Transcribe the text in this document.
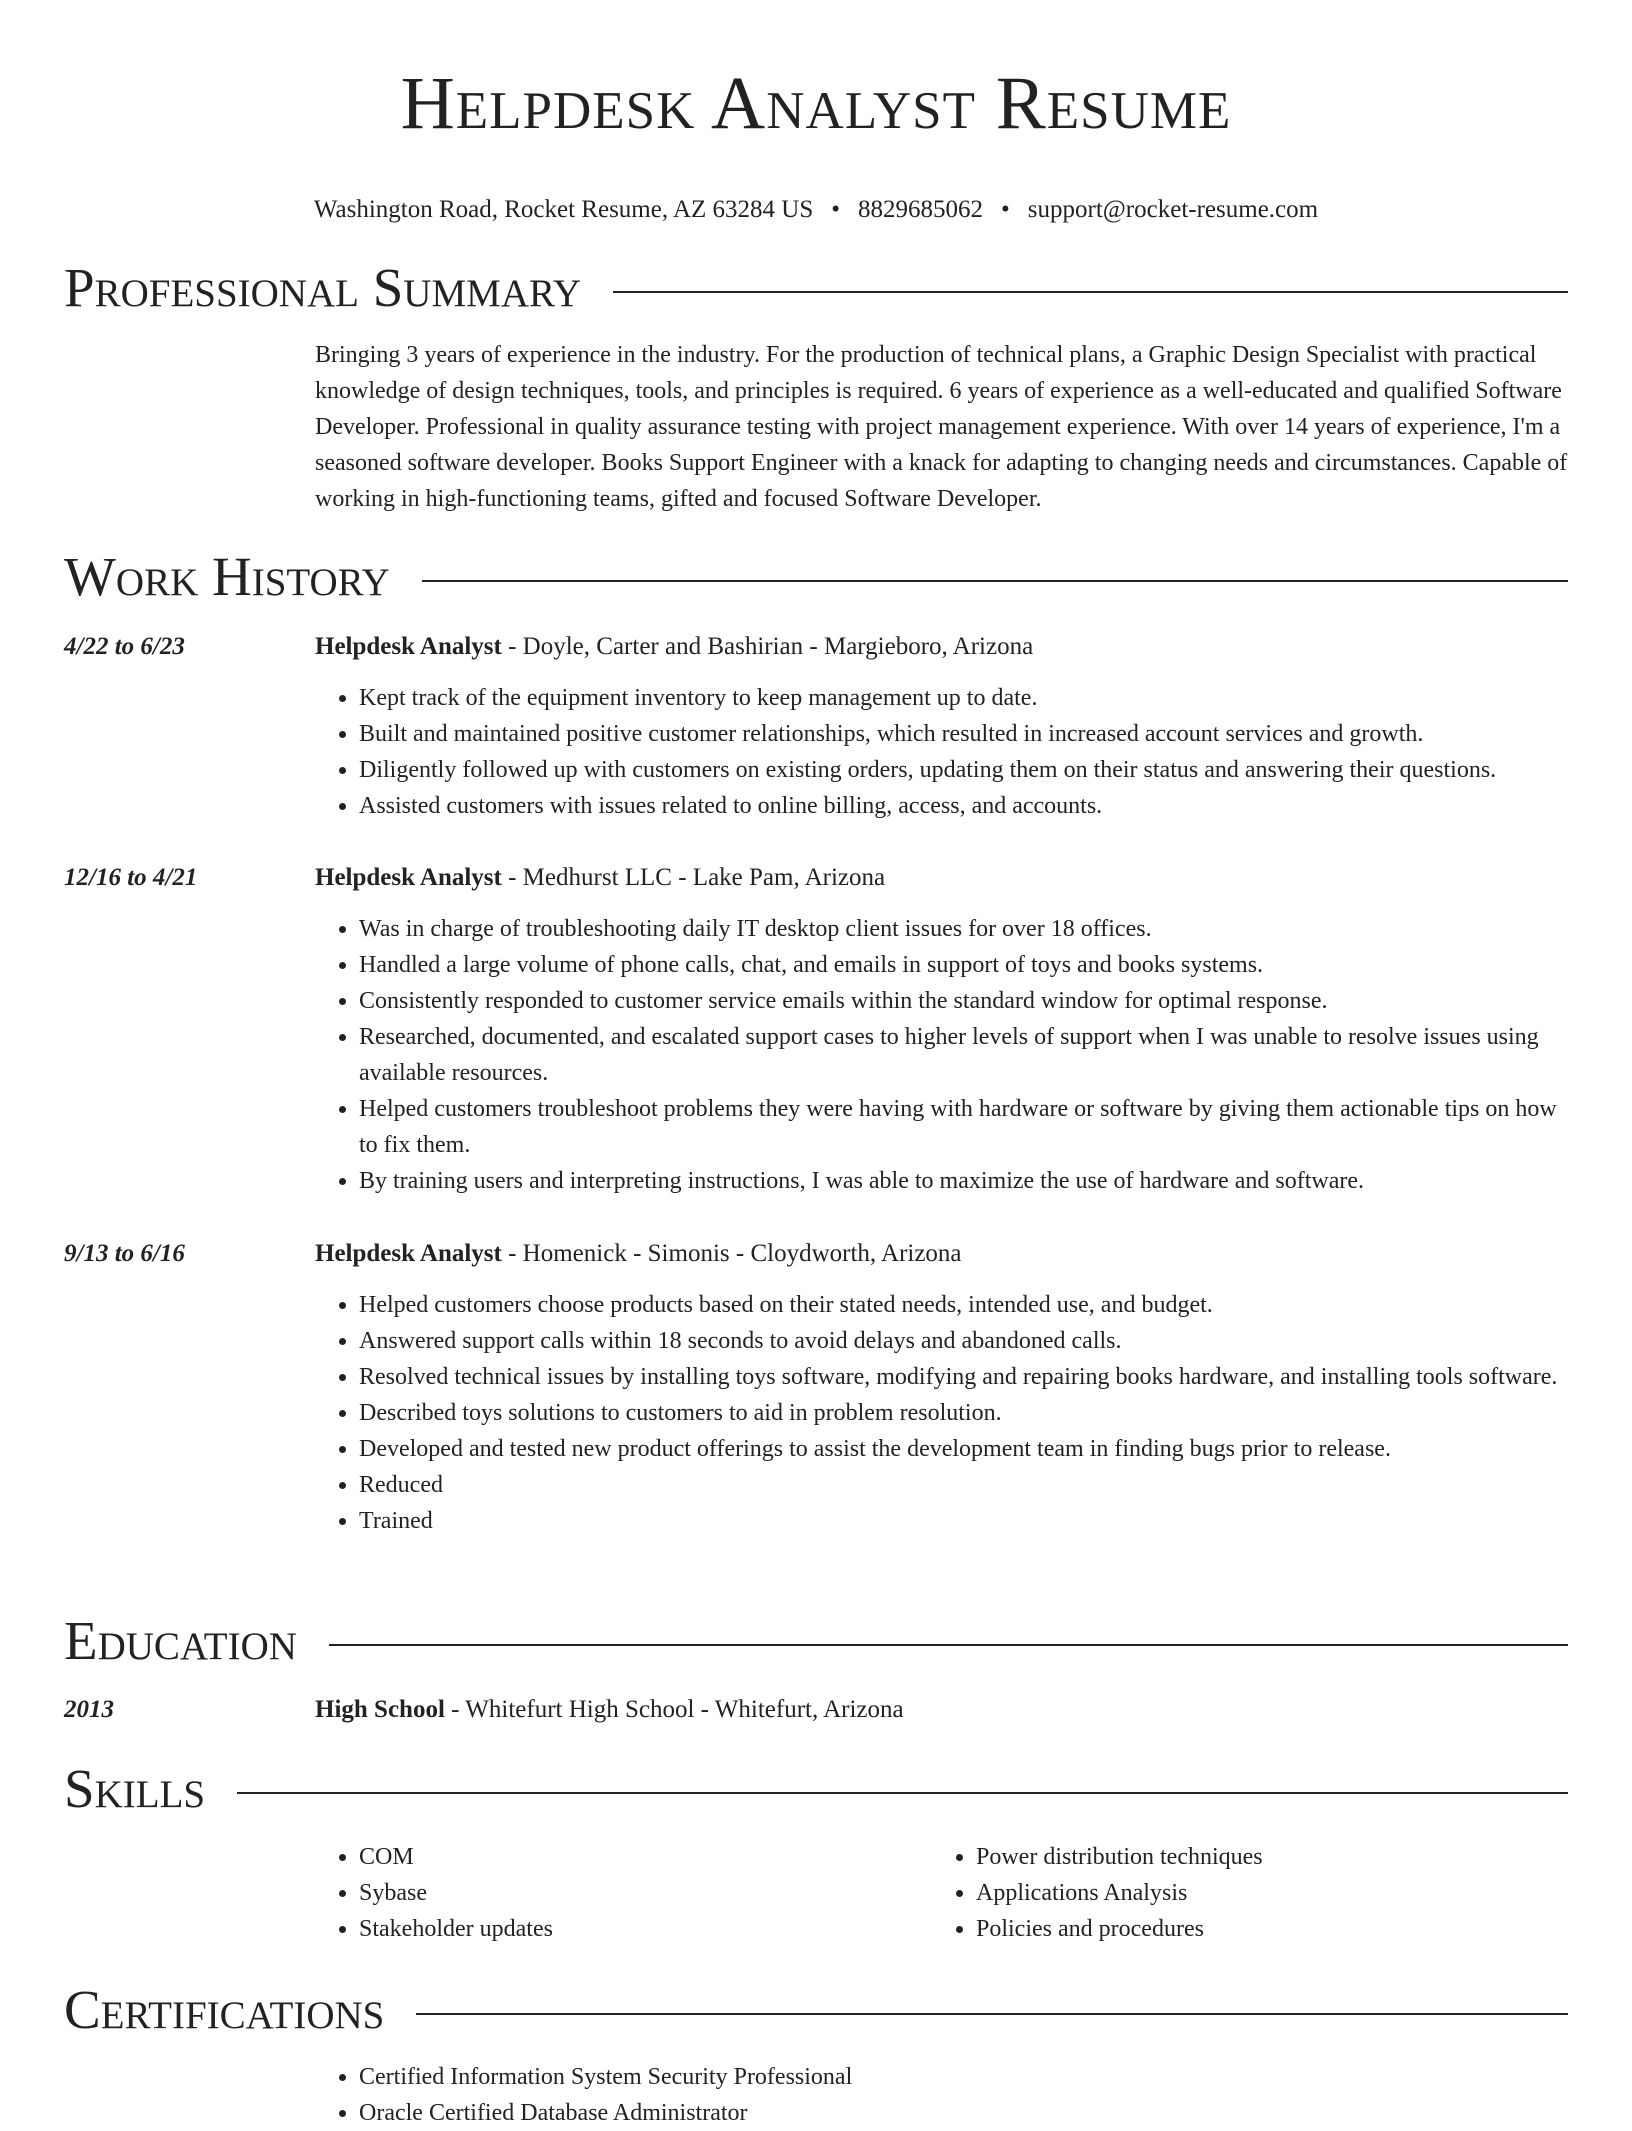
Helpdesk Analyst Resume
Washington Road, Rocket Resume, AZ 63284 US • 8829685062 • support@rocket-resume.com
Professional Summary
Bringing 3 years of experience in the industry. For the production of technical plans, a Graphic Design Specialist with practical knowledge of design techniques, tools, and principles is required. 6 years of experience as a well-educated and qualified Software Developer. Professional in quality assurance testing with project management experience. With over 14 years of experience, I'm a seasoned software developer. Books Support Engineer with a knack for adapting to changing needs and circumstances. Capable of working in high-functioning teams, gifted and focused Software Developer.
Work History
4/22 to 6/23	Helpdesk Analyst - Doyle, Carter and Bashirian - Margieboro, Arizona
• Kept track of the equipment inventory to keep management up to date.
• Built and maintained positive customer relationships, which resulted in increased account services and growth.
• Diligently followed up with customers on existing orders, updating them on their status and answering their questions.
• Assisted customers with issues related to online billing, access, and accounts.
12/16 to 4/21	Helpdesk Analyst - Medhurst LLC - Lake Pam, Arizona
• Was in charge of troubleshooting daily IT desktop client issues for over 18 offices.
• Handled a large volume of phone calls, chat, and emails in support of toys and books systems.
• Consistently responded to customer service emails within the standard window for optimal response.
• Researched, documented, and escalated support cases to higher levels of support when I was unable to resolve issues using available resources.
• Helped customers troubleshoot problems they were having with hardware or software by giving them actionable tips on how to fix them.
• By training users and interpreting instructions, I was able to maximize the use of hardware and software.
9/13 to 6/16	Helpdesk Analyst - Homenick - Simonis - Cloydworth, Arizona
• Helped customers choose products based on their stated needs, intended use, and budget.
• Answered support calls within 18 seconds to avoid delays and abandoned calls.
• Resolved technical issues by installing toys software, modifying and repairing books hardware, and installing tools software.
• Described toys solutions to customers to aid in problem resolution.
• Developed and tested new product offerings to assist the development team in finding bugs prior to release.
• Reduced
• Trained
Education
2013	High School - Whitefurt High School - Whitefurt, Arizona
Skills
• COM
• Sybase
• Stakeholder updates
• Power distribution techniques
• Applications Analysis
• Policies and procedures
Certifications
• Certified Information System Security Professional
• Oracle Certified Database Administrator
